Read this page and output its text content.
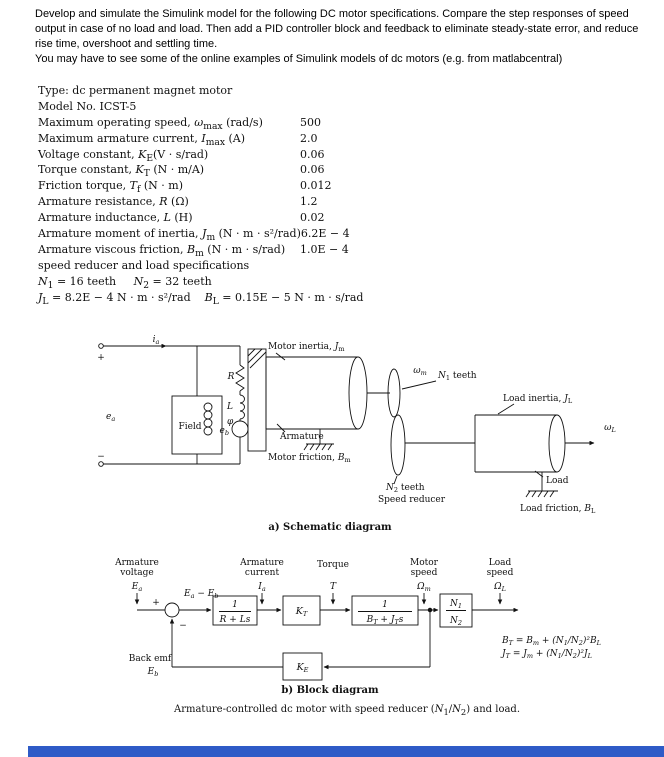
Develop and simulate the Simulink model for the following DC motor specifications. Compare the step responses of speed output in case of no load and load. Then add a PID controller block and feedback to eliminate steady-state error, and reduce rise time, overshoot and settling time.
You may have to see some of the online examples of Simulink models of dc motors (e.g. from matlabcentral)
Type: dc permanent magnet motor
Model No. ICST-5
Maximum operating speed, $\omega_{max}$ (rad/s)	500
Maximum armature current, $I_{max}$ (A)	2.0
Voltage constant, $K_E(V \cdot s/rad)$	0.06
Torque constant, $K_T$ (N · m/A)	0.06
Friction torque, $T_f$ (N · m)	0.012
Armature resistance, R (Ω)	1.2
Armature inductance, L (H)	0.02
Armature moment of inertia, $J_m$ (N · m · s²/rad) 6.2E − 4
Armature viscous friction, $B_m$ (N · m · s/rad)	1.0E − 4
speed reducer and load specifications
$N_1 = 16$ teeth     $N_2 = 32$ teeth
$J_L = 8.2E - 4$ N · m · s²/rad    $B_L = 0.15E - 5$ N · m · s/rad
+
−
$i_a$
$e_a$
R
L
$e_b$
φ
Field
Motor inertia, $J_m$
$\omega_m$ $N_1$ teeth
Armature
Motor friction, $B_m$
Load inertia, $J_L$
$\omega_L$
Load
$N_2$ teeth
Speed reducer
Load friction, $B_L$
a) Schematic diagram
Armature
voltage
$E_a$
Armature
current
$I_a$
Torque
T
Motor
speed
$\Omega_m$
Load
speed
$\Omega_L$
+
−
$E_a - E_b$
1
R + Ls
$K_T$
1
$B_T + J_Ts$
$N_1$
$N_2$
$B_T = B_m + (N_1/N_2)^2B_L$
$J_T = J_m + (N_1/N_2)^2J_L$
Back emf
$E_b$
$K_E$
b) Block diagram
Armature-controlled dc motor with speed reducer $(N_1/N_2)$ and load.
